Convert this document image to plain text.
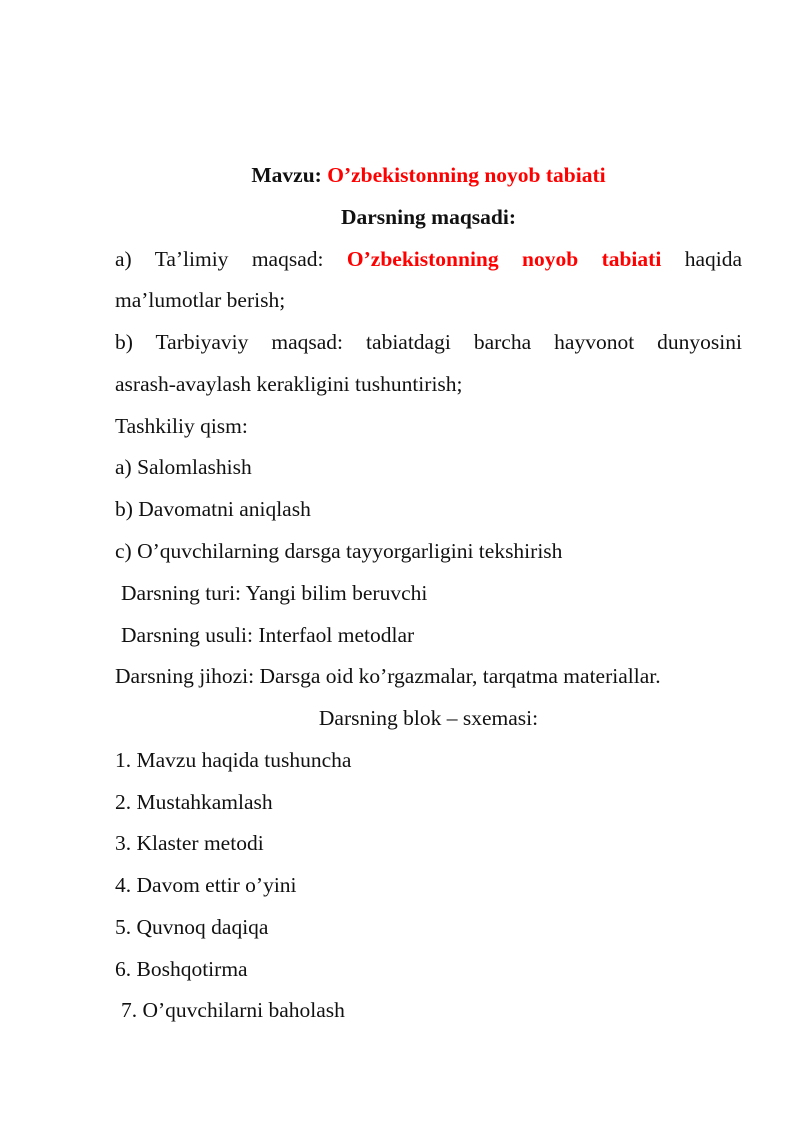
Mavzu: O’zbekistonning noyob tabiati
Darsning maqsadi:
a) Ta’limiy maqsad: O’zbekistonning noyob tabiati haqida
ma’lumotlar berish;
b) Tarbiyaviy maqsad: tabiatdagi barcha hayvonot dunyosini
asrash-avaylash kerakligini tushuntirish;
Tashkiliy qism:
a) Salomlashish
b) Davomatni aniqlash
c) O’quvchilarning darsga tayyorgarligini tekshirish
Darsning turi: Yangi bilim beruvchi
Darsning usuli: Interfaol metodlar
Darsning jihozi: Darsga oid ko’rgazmalar, tarqatma materiallar.
Darsning blok – sxemasi:
1. Mavzu haqida tushuncha
2. Mustahkamlash
3. Klaster metodi
4. Davom ettir o’yini
5. Quvnoq daqiqa
6. Boshqotirma
7. O’quvchilarni baholash
